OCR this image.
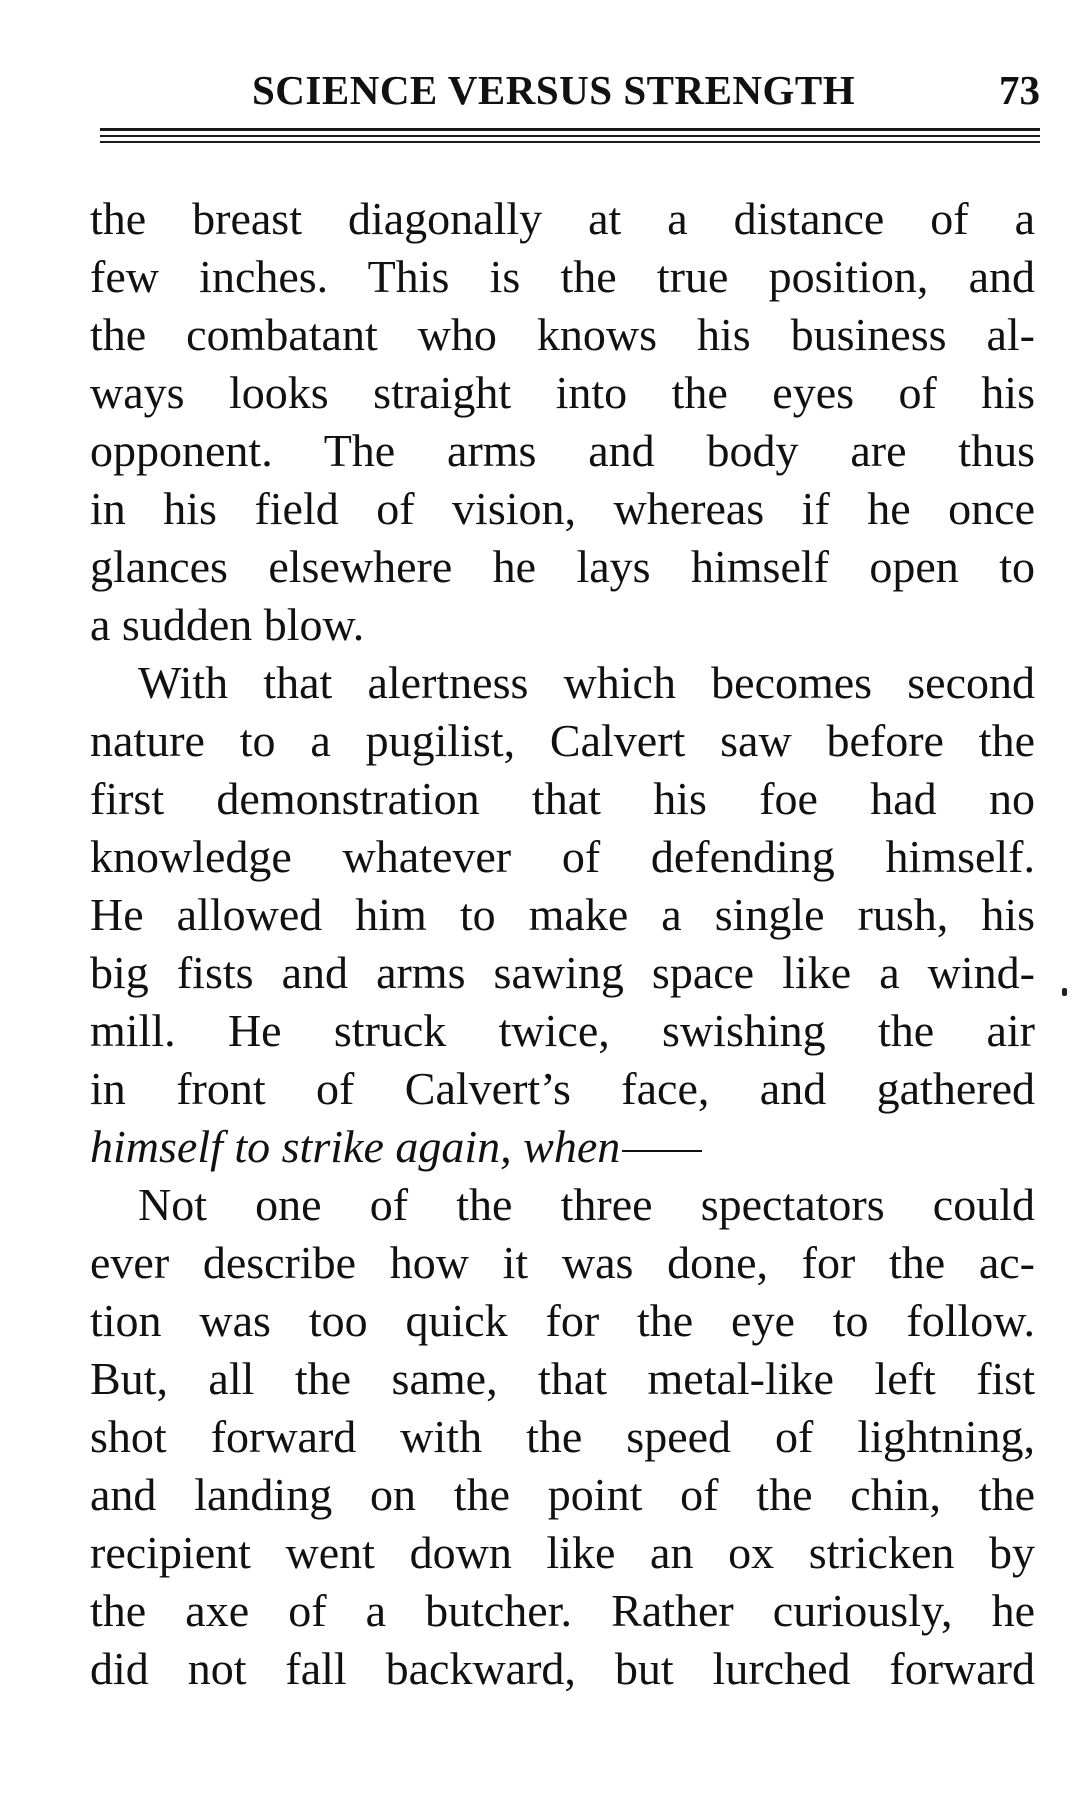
SCIENCE VERSUS STRENGTH	73
the breast diagonally at a distance of a
few inches. This is the true position, and
the combatant who knows his business al-
ways looks straight into the eyes of his
opponent. The arms and body are thus
in his field of vision, whereas if he once
glances elsewhere he lays himself open to
a sudden blow.
With that alertness which becomes second
nature to a pugilist, Calvert saw before the
first demonstration that his foe had no
knowledge whatever of defending himself.
He allowed him to make a single rush, his
big fists and arms sawing space like a wind-
mill. He struck twice, swishing the air
in front of Calvert’s face, and gathered
himself to strike again, when
Not one of the three spectators could
ever describe how it was done, for the ac-
tion was too quick for the eye to follow.
But, all the same, that metal-like left fist
shot forward with the speed of lightning,
and landing on the point of the chin, the
recipient went down like an ox stricken by
the axe of a butcher. Rather curiously, he
did not fall backward, but lurched forward
